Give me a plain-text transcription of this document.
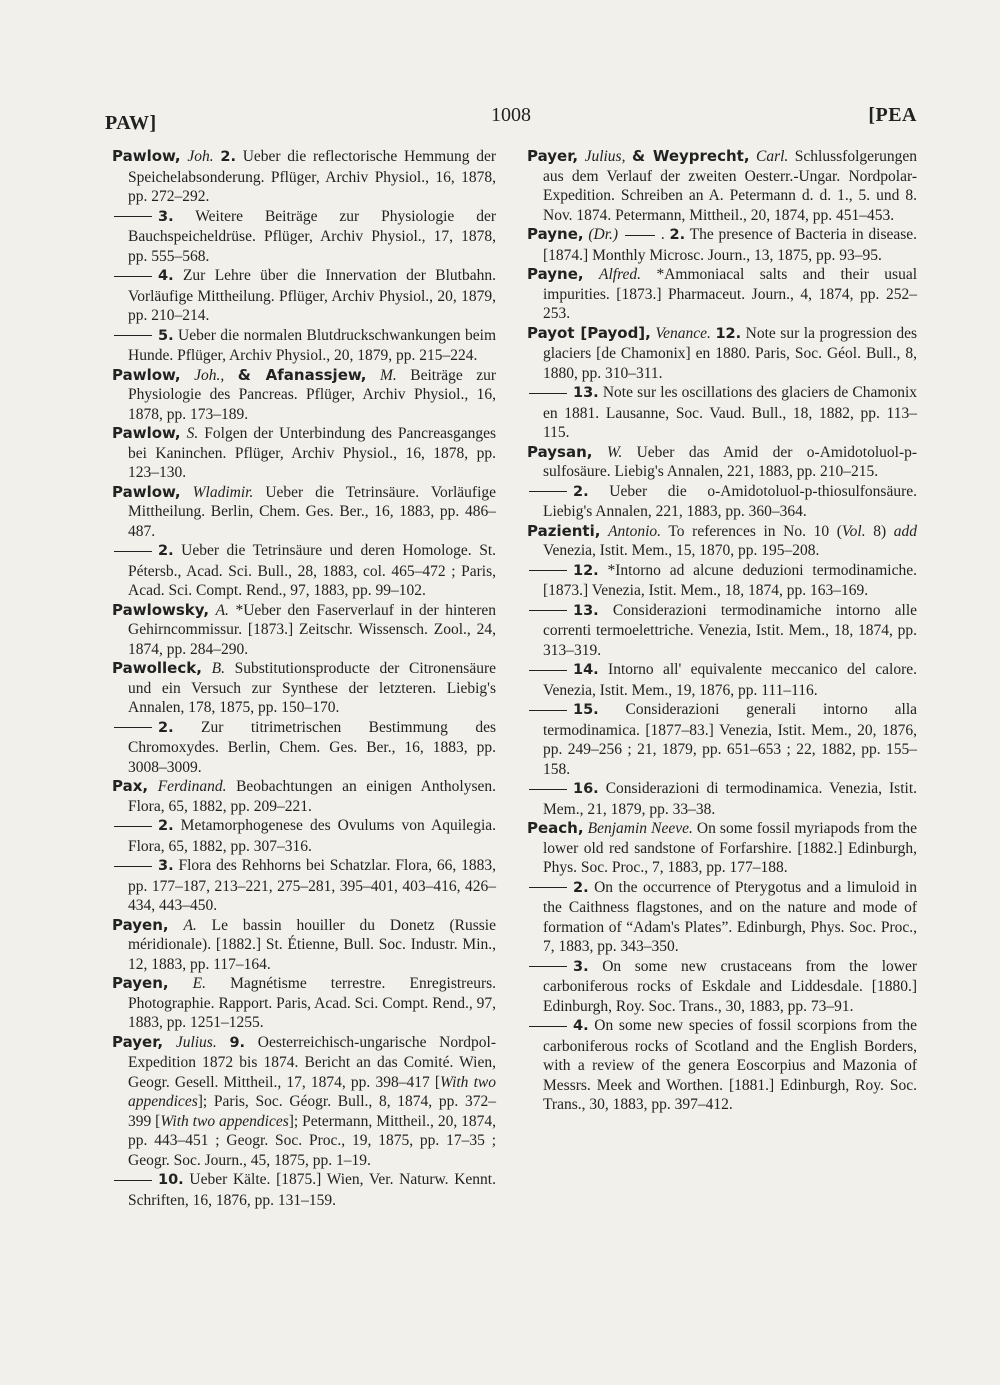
PAW]	1008	[PEA

Pawlow, Joh. 2. Ueber die reflectorische Hemmung der Speichelabsonderung. Pflüger, Archiv Physiol., 16, 1878, pp. 272–292.

3. Weitere Beiträge zur Physiologie der Bauchspeicheldrüse. Pflüger, Archiv Physiol., 17, 1878, pp. 555–568.

4. Zur Lehre über die Innervation der Blutbahn. Vorläufige Mittheilung. Pflüger, Archiv Physiol., 20, 1879, pp. 210–214.

5. Ueber die normalen Blutdruckschwankungen beim Hunde. Pflüger, Archiv Physiol., 20, 1879, pp. 215–224.

Pawlow, Joh., & Afanassjew, M. Beiträge zur Physiologie des Pancreas. Pflüger, Archiv Physiol., 16, 1878, pp. 173–189.

Pawlow, S. Folgen der Unterbindung des Pancreasganges bei Kaninchen. Pflüger, Archiv Physiol., 16, 1878, pp. 123–130.

Pawlow, Wladimir. Ueber die Tetrinsäure. Vorläufige Mittheilung. Berlin, Chem. Ges. Ber., 16, 1883, pp. 486–487.

2. Ueber die Tetrinsäure und deren Homologe. St. Pétersb., Acad. Sci. Bull., 28, 1883, col. 465–472 ; Paris, Acad. Sci. Compt. Rend., 97, 1883, pp. 99–102.

Pawlowsky, A. *Ueber den Faserverlauf in der hinteren Gehirncommissur. [1873.] Zeitschr. Wissensch. Zool., 24, 1874, pp. 284–290.

Pawolleck, B. Substitutionsproducte der Citronensäure und ein Versuch zur Synthese der letzteren. Liebig's Annalen, 178, 1875, pp. 150–170.

2. Zur titrimetrischen Bestimmung des Chromoxydes. Berlin, Chem. Ges. Ber., 16, 1883, pp. 3008–3009.

Pax, Ferdinand. Beobachtungen an einigen Antholysen. Flora, 65, 1882, pp. 209–221.

2. Metamorphogenese des Ovulums von Aquilegia. Flora, 65, 1882, pp. 307–316.

3. Flora des Rehhorns bei Schatzlar. Flora, 66, 1883, pp. 177–187, 213–221, 275–281, 395–401, 403–416, 426–434, 443–450.

Payen, A. Le bassin houiller du Donetz (Russie méridionale). [1882.] St. Étienne, Bull. Soc. Industr. Min., 12, 1883, pp. 117–164.

Payen, E. Magnétisme terrestre. Enregistreurs. Photographie. Rapport. Paris, Acad. Sci. Compt. Rend., 97, 1883, pp. 1251–1255.

Payer, Julius. 9. Oesterreichisch-ungarische Nordpol-Expedition 1872 bis 1874. Bericht an das Comité. Wien, Geogr. Gesell. Mittheil., 17, 1874, pp. 398–417 [With two appendices]; Paris, Soc. Géogr. Bull., 8, 1874, pp. 372–399 [With two appendices]; Petermann, Mittheil., 20, 1874, pp. 443–451 ; Geogr. Soc. Proc., 19, 1875, pp. 17–35 ; Geogr. Soc. Journ., 45, 1875, pp. 1–19.

10. Ueber Kälte. [1875.] Wien, Ver. Naturw. Kennt. Schriften, 16, 1876, pp. 131–159.

Payer, Julius, & Weyprecht, Carl. Schlussfolgerungen aus dem Verlauf der zweiten Oesterr.-Ungar. Nordpolar-Expedition. Schreiben an A. Petermann d. d. 1., 5. und 8. Nov. 1874. Petermann, Mittheil., 20, 1874, pp. 451–453.

Payne, (Dr.)	. 2. The presence of Bacteria in disease. [1874.] Monthly Microsc. Journ., 13, 1875, pp. 93–95.

Payne, Alfred. *Ammoniacal salts and their usual impurities. [1873.] Pharmaceut. Journ., 4, 1874, pp. 252–253.

Payot [Payod], Venance. 12. Note sur la progression des glaciers [de Chamonix] en 1880. Paris, Soc. Géol. Bull., 8, 1880, pp. 310–311.

13. Note sur les oscillations des glaciers de Chamonix en 1881. Lausanne, Soc. Vaud. Bull., 18, 1882, pp. 113–115.

Paysan, W. Ueber das Amid der o-Amidotoluol-p-sulfosäure. Liebig's Annalen, 221, 1883, pp. 210–215.

2. Ueber die o-Amidotoluol-p-thiosulfonsäure. Liebig's Annalen, 221, 1883, pp. 360–364.

Pazienti, Antonio. To references in No. 10 (Vol. 8) add Venezia, Istit. Mem., 15, 1870, pp. 195–208.

12. *Intorno ad alcune deduzioni termodinamiche. [1873.] Venezia, Istit. Mem., 18, 1874, pp. 163–169.

13. Considerazioni termodinamiche intorno alle correnti termoelettriche. Venezia, Istit. Mem., 18, 1874, pp. 313–319.

14. Intorno all' equivalente meccanico del calore. Venezia, Istit. Mem., 19, 1876, pp. 111–116.

15. Considerazioni generali intorno alla termodinamica. [1877–83.] Venezia, Istit. Mem., 20, 1876, pp. 249–256 ; 21, 1879, pp. 651–653 ; 22, 1882, pp. 155–158.

16. Considerazioni di termodinamica. Venezia, Istit. Mem., 21, 1879, pp. 33–38.

Peach, Benjamin Neeve. On some fossil myriapods from the lower old red sandstone of Forfarshire. [1882.] Edinburgh, Phys. Soc. Proc., 7, 1883, pp. 177–188.

2. On the occurrence of Pterygotus and a limuloid in the Caithness flagstones, and on the nature and mode of formation of “Adam's Plates”. Edinburgh, Phys. Soc. Proc., 7, 1883, pp. 343–350.

3. On some new crustaceans from the lower carboniferous rocks of Eskdale and Liddesdale. [1880.] Edinburgh, Roy. Soc. Trans., 30, 1883, pp. 73–91.

4. On some new species of fossil scorpions from the carboniferous rocks of Scotland and the English Borders, with a review of the genera Eoscorpius and Mazonia of Messrs. Meek and Worthen. [1881.] Edinburgh, Roy. Soc. Trans., 30, 1883, pp. 397–412.
